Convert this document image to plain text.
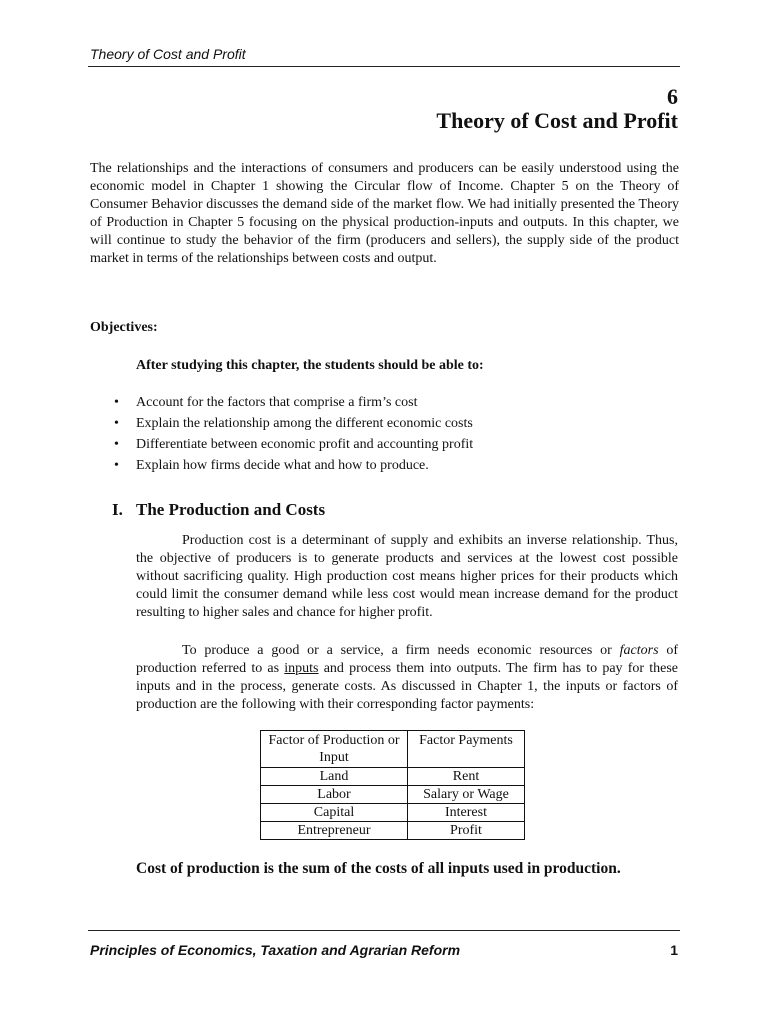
Theory of Cost and Profit
6
Theory of Cost and Profit

The relationships and the interactions of consumers and producers can be easily understood using the economic model in Chapter 1 showing the Circular flow of Income. Chapter 5 on the Theory of Consumer Behavior discusses the demand side of the market flow. We had initially presented the Theory of Production in Chapter 5 focusing on the physical production-inputs and outputs. In this chapter, we will continue to study the behavior of the firm (producers and sellers), the supply side of the product market in terms of the relationships between costs and output.

Objectives:
After studying this chapter, the students should be able to:
• Account for the factors that comprise a firm’s cost
• Explain the relationship among the different economic costs
• Differentiate between economic profit and accounting profit
• Explain how firms decide what and how to produce.
I. The Production and Costs

Production cost is a determinant of supply and exhibits an inverse relationship. Thus, the objective of producers is to generate products and services at the lowest cost possible without sacrificing quality. High production cost means higher prices for their products which could limit the consumer demand while less cost would mean increase demand for the product resulting to higher sales and chance for higher profit.

To produce a good or a service, a firm needs economic resources or factors of production referred to as inputs and process them into outputs. The firm has to pay for these inputs and in the process, generate costs. As discussed in Chapter 1, the inputs or factors of production are the following with their corresponding factor payments:

Factor of Production or Input	Factor Payments
Land	Rent
Labor	Salary or Wage
Capital	Interest
Entrepreneur	Profit
Cost of production is the sum of the costs of all inputs used in production.
Principles of Economics, Taxation and Agrarian Reform	1
